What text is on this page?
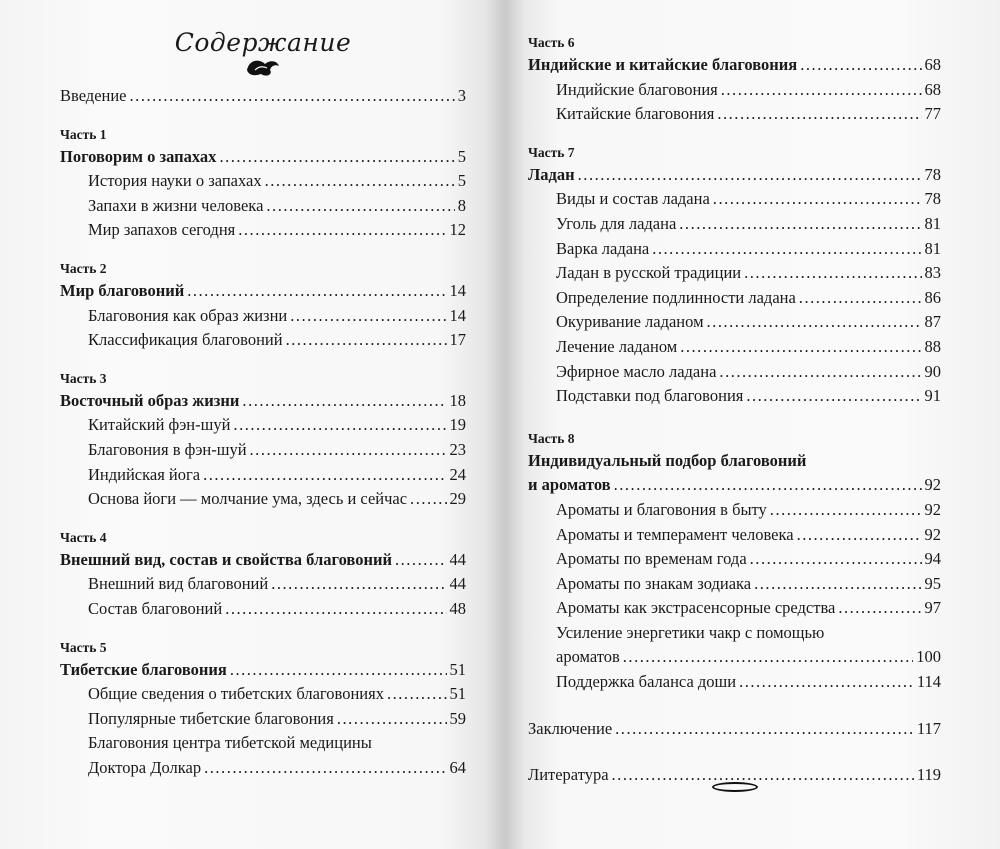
Содержание
Введение . . .	3
Часть 1
Поговорим о запахах . . .	5
История науки о запахах . . .	5
Запахи в жизни человека . . .	8
Мир запахов сегодня . . .	12
Часть 2
Мир благовоний . . .	14
Благовония как образ жизни . . .	14
Классификация благовоний . . .	17
Часть 3
Восточный образ жизни . . .	18
Китайский фэн-шуй . . .	19
Благовония в фэн-шуй . . .	23
Индийская йога . . .	24
Основа йоги — молчание ума, здесь и сейчас . . .	29
Часть 4
Внешний вид, состав и свойства благовоний . . .	44
Внешний вид благовоний . . .	44
Состав благовоний . . .	48
Часть 5
Тибетские благовония . . .	51
Общие сведения о тибетских благовониях . . .	51
Популярные тибетские благовония . . .	59
Благовония центра тибетской медицины
Доктора Долкар . . .	64
Часть 6
Индийские и китайские благовония . . .	68
Индийские благовония . . .	68
Китайские благовония . . .	77
Часть 7
Ладан . . .	78
Виды и состав ладана . . .	78
Уголь для ладана . . .	81
Варка ладана . . .	81
Ладан в русской традиции . . .	83
Определение подлинности ладана . . .	86
Окуривание ладаном . . .	87
Лечение ладаном . . .	88
Эфирное масло ладана . . .	90
Подставки под благовония . . .	91
Часть 8
Индивидуальный подбор благовоний
и ароматов . . .	92
Ароматы и благовония в быту . . .	92
Ароматы и темперамент человека . . .	92
Ароматы по временам года . . .	94
Ароматы по знакам зодиака . . .	95
Ароматы как экстрасенсорные средства . . .	97
Усиление энергетики чакр с помощью
ароматов . . .	100
Поддержка баланса доши . . .	114
Заключение . . .	117
Литература . . .	119
